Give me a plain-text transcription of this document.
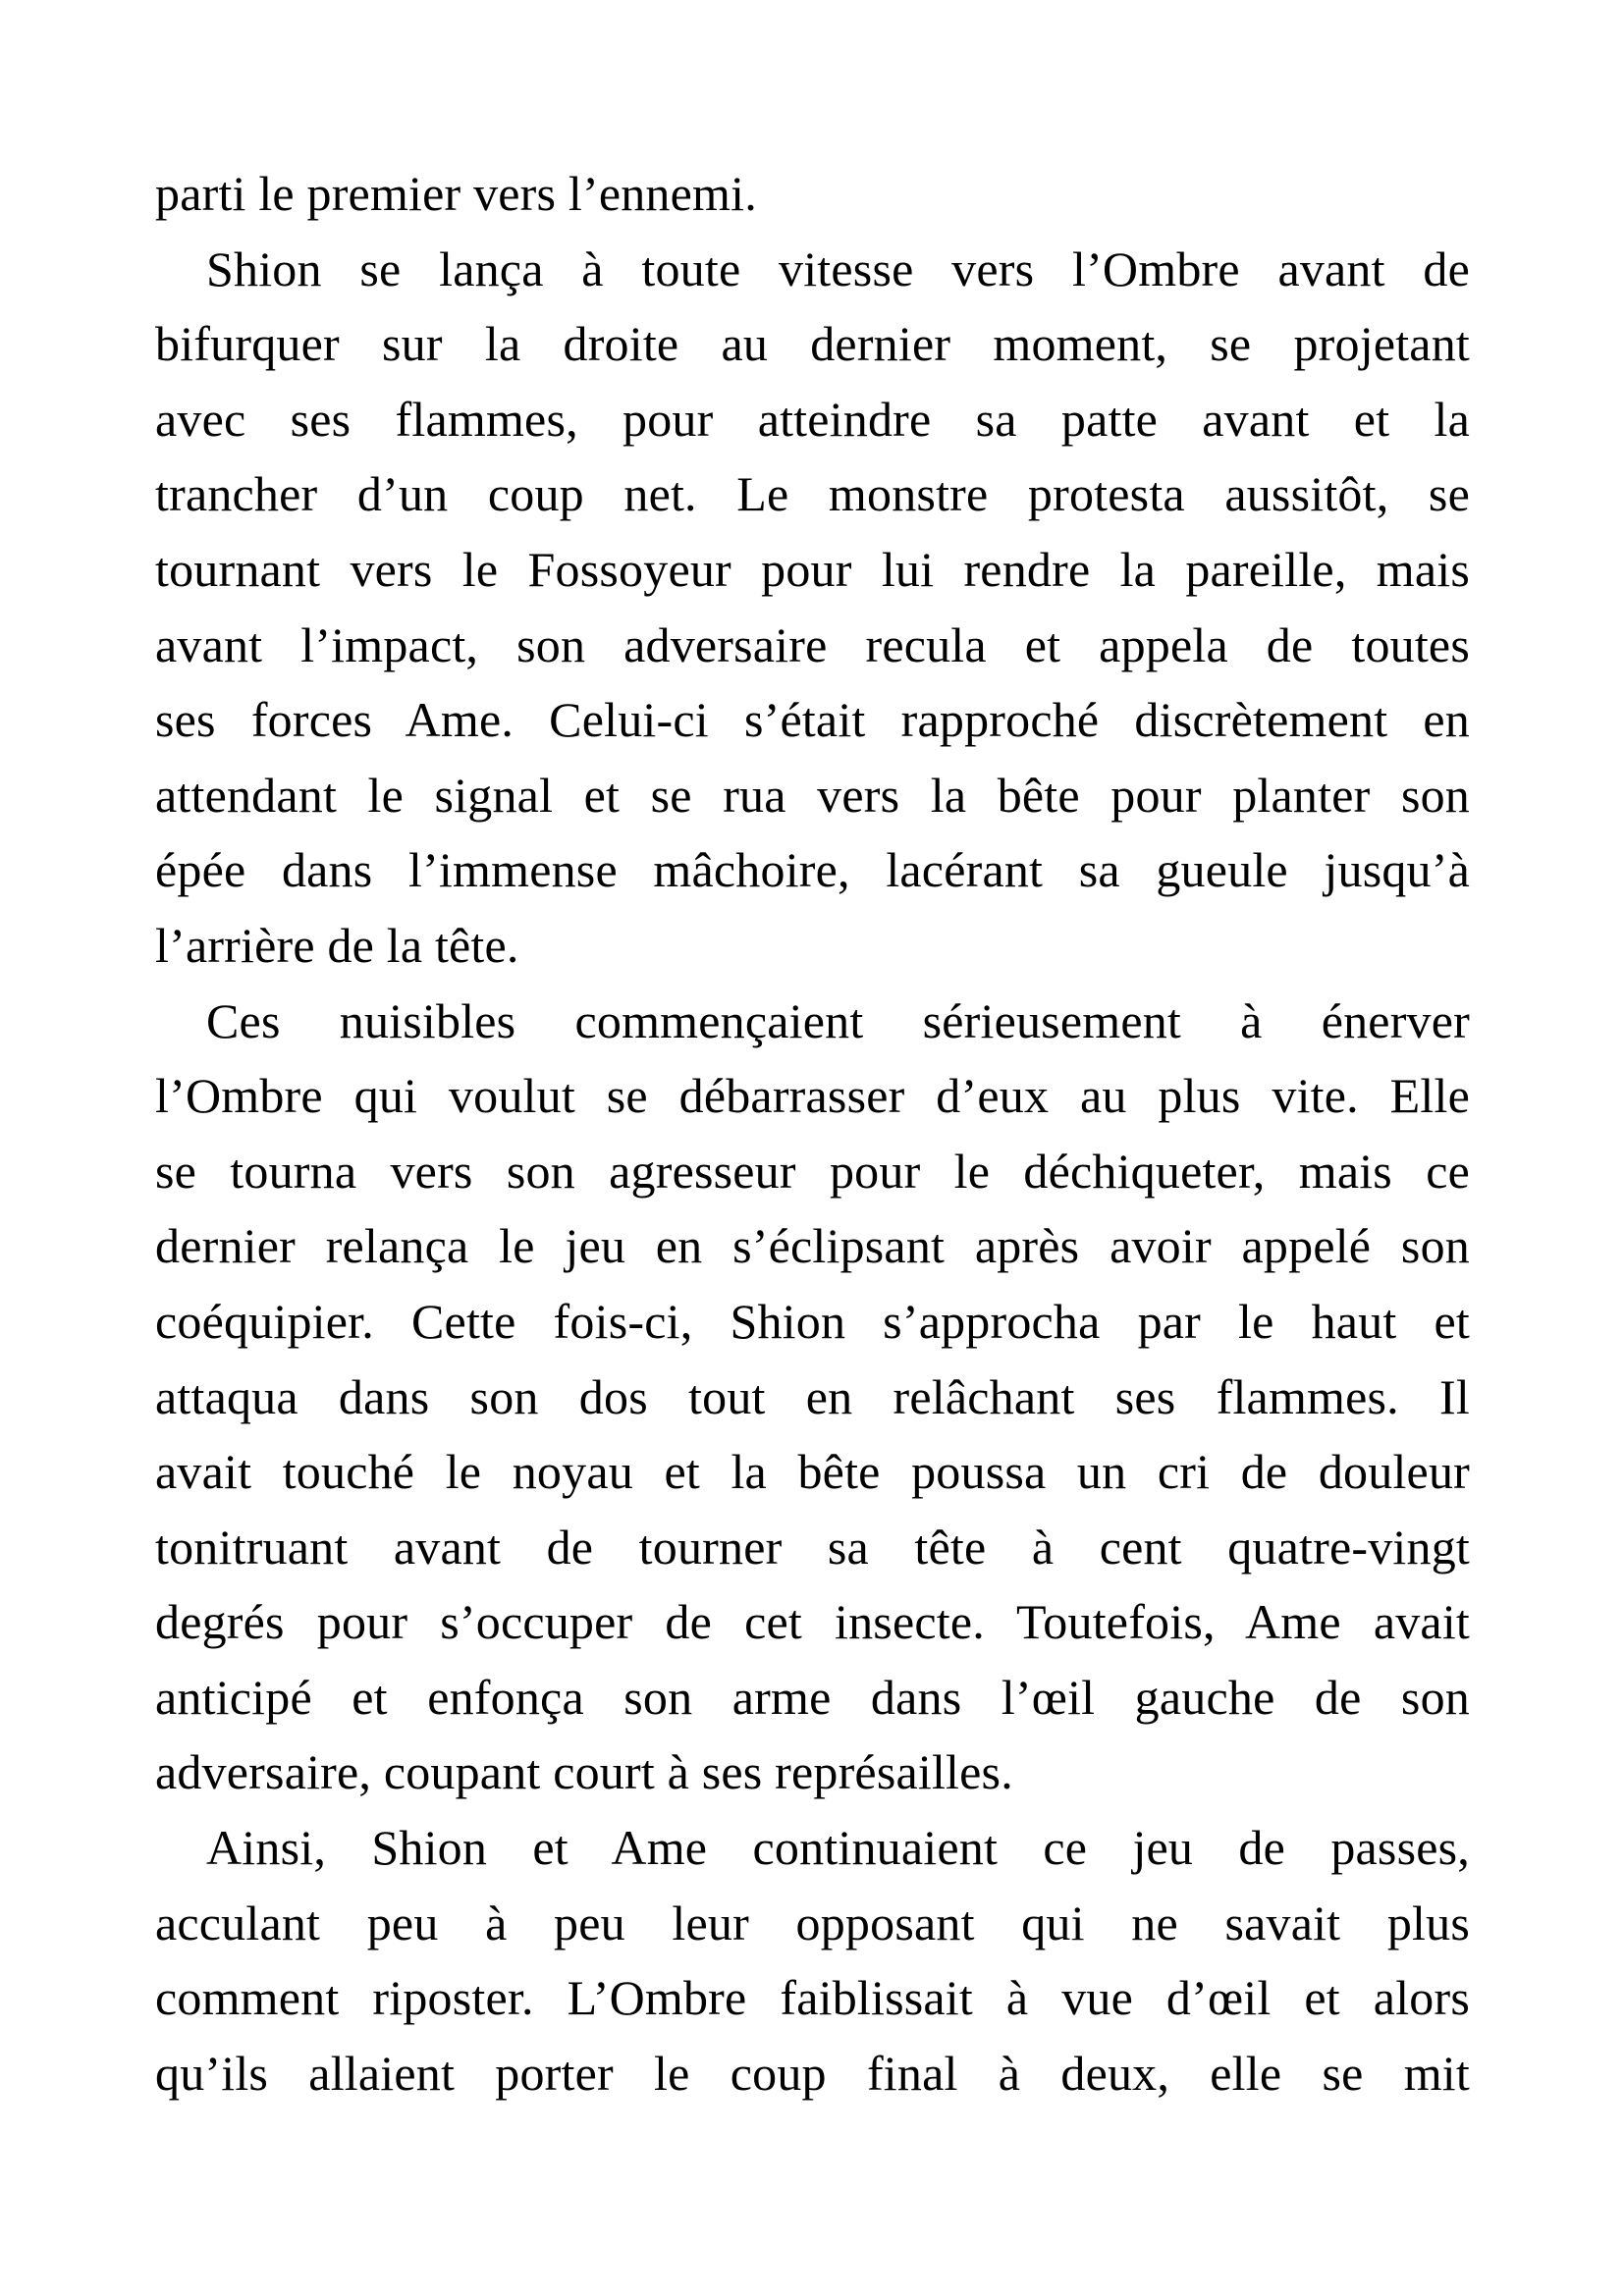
parti le premier vers l’ennemi.
Shion se lança à toute vitesse vers l’Ombre avant de
bifurquer sur la droite au dernier moment, se projetant
avec ses flammes, pour atteindre sa patte avant et la
trancher d’un coup net. Le monstre protesta aussitôt, se
tournant vers le Fossoyeur pour lui rendre la pareille, mais
avant l’impact, son adversaire recula et appela de toutes
ses forces Ame. Celui-ci s’était rapproché discrètement en
attendant le signal et se rua vers la bête pour planter son
épée dans l’immense mâchoire, lacérant sa gueule jusqu’à
l’arrière de la tête.
Ces nuisibles commençaient sérieusement à énerver
l’Ombre qui voulut se débarrasser d’eux au plus vite. Elle
se tourna vers son agresseur pour le déchiqueter, mais ce
dernier relança le jeu en s’éclipsant après avoir appelé son
coéquipier. Cette fois-ci, Shion s’approcha par le haut et
attaqua dans son dos tout en relâchant ses flammes. Il
avait touché le noyau et la bête poussa un cri de douleur
tonitruant avant de tourner sa tête à cent quatre-vingt
degrés pour s’occuper de cet insecte. Toutefois, Ame avait
anticipé et enfonça son arme dans l’œil gauche de son
adversaire, coupant court à ses représailles.
Ainsi, Shion et Ame continuaient ce jeu de passes,
acculant peu à peu leur opposant qui ne savait plus
comment riposter. L’Ombre faiblissait à vue d’œil et alors
qu’ils allaient porter le coup final à deux, elle se mit
